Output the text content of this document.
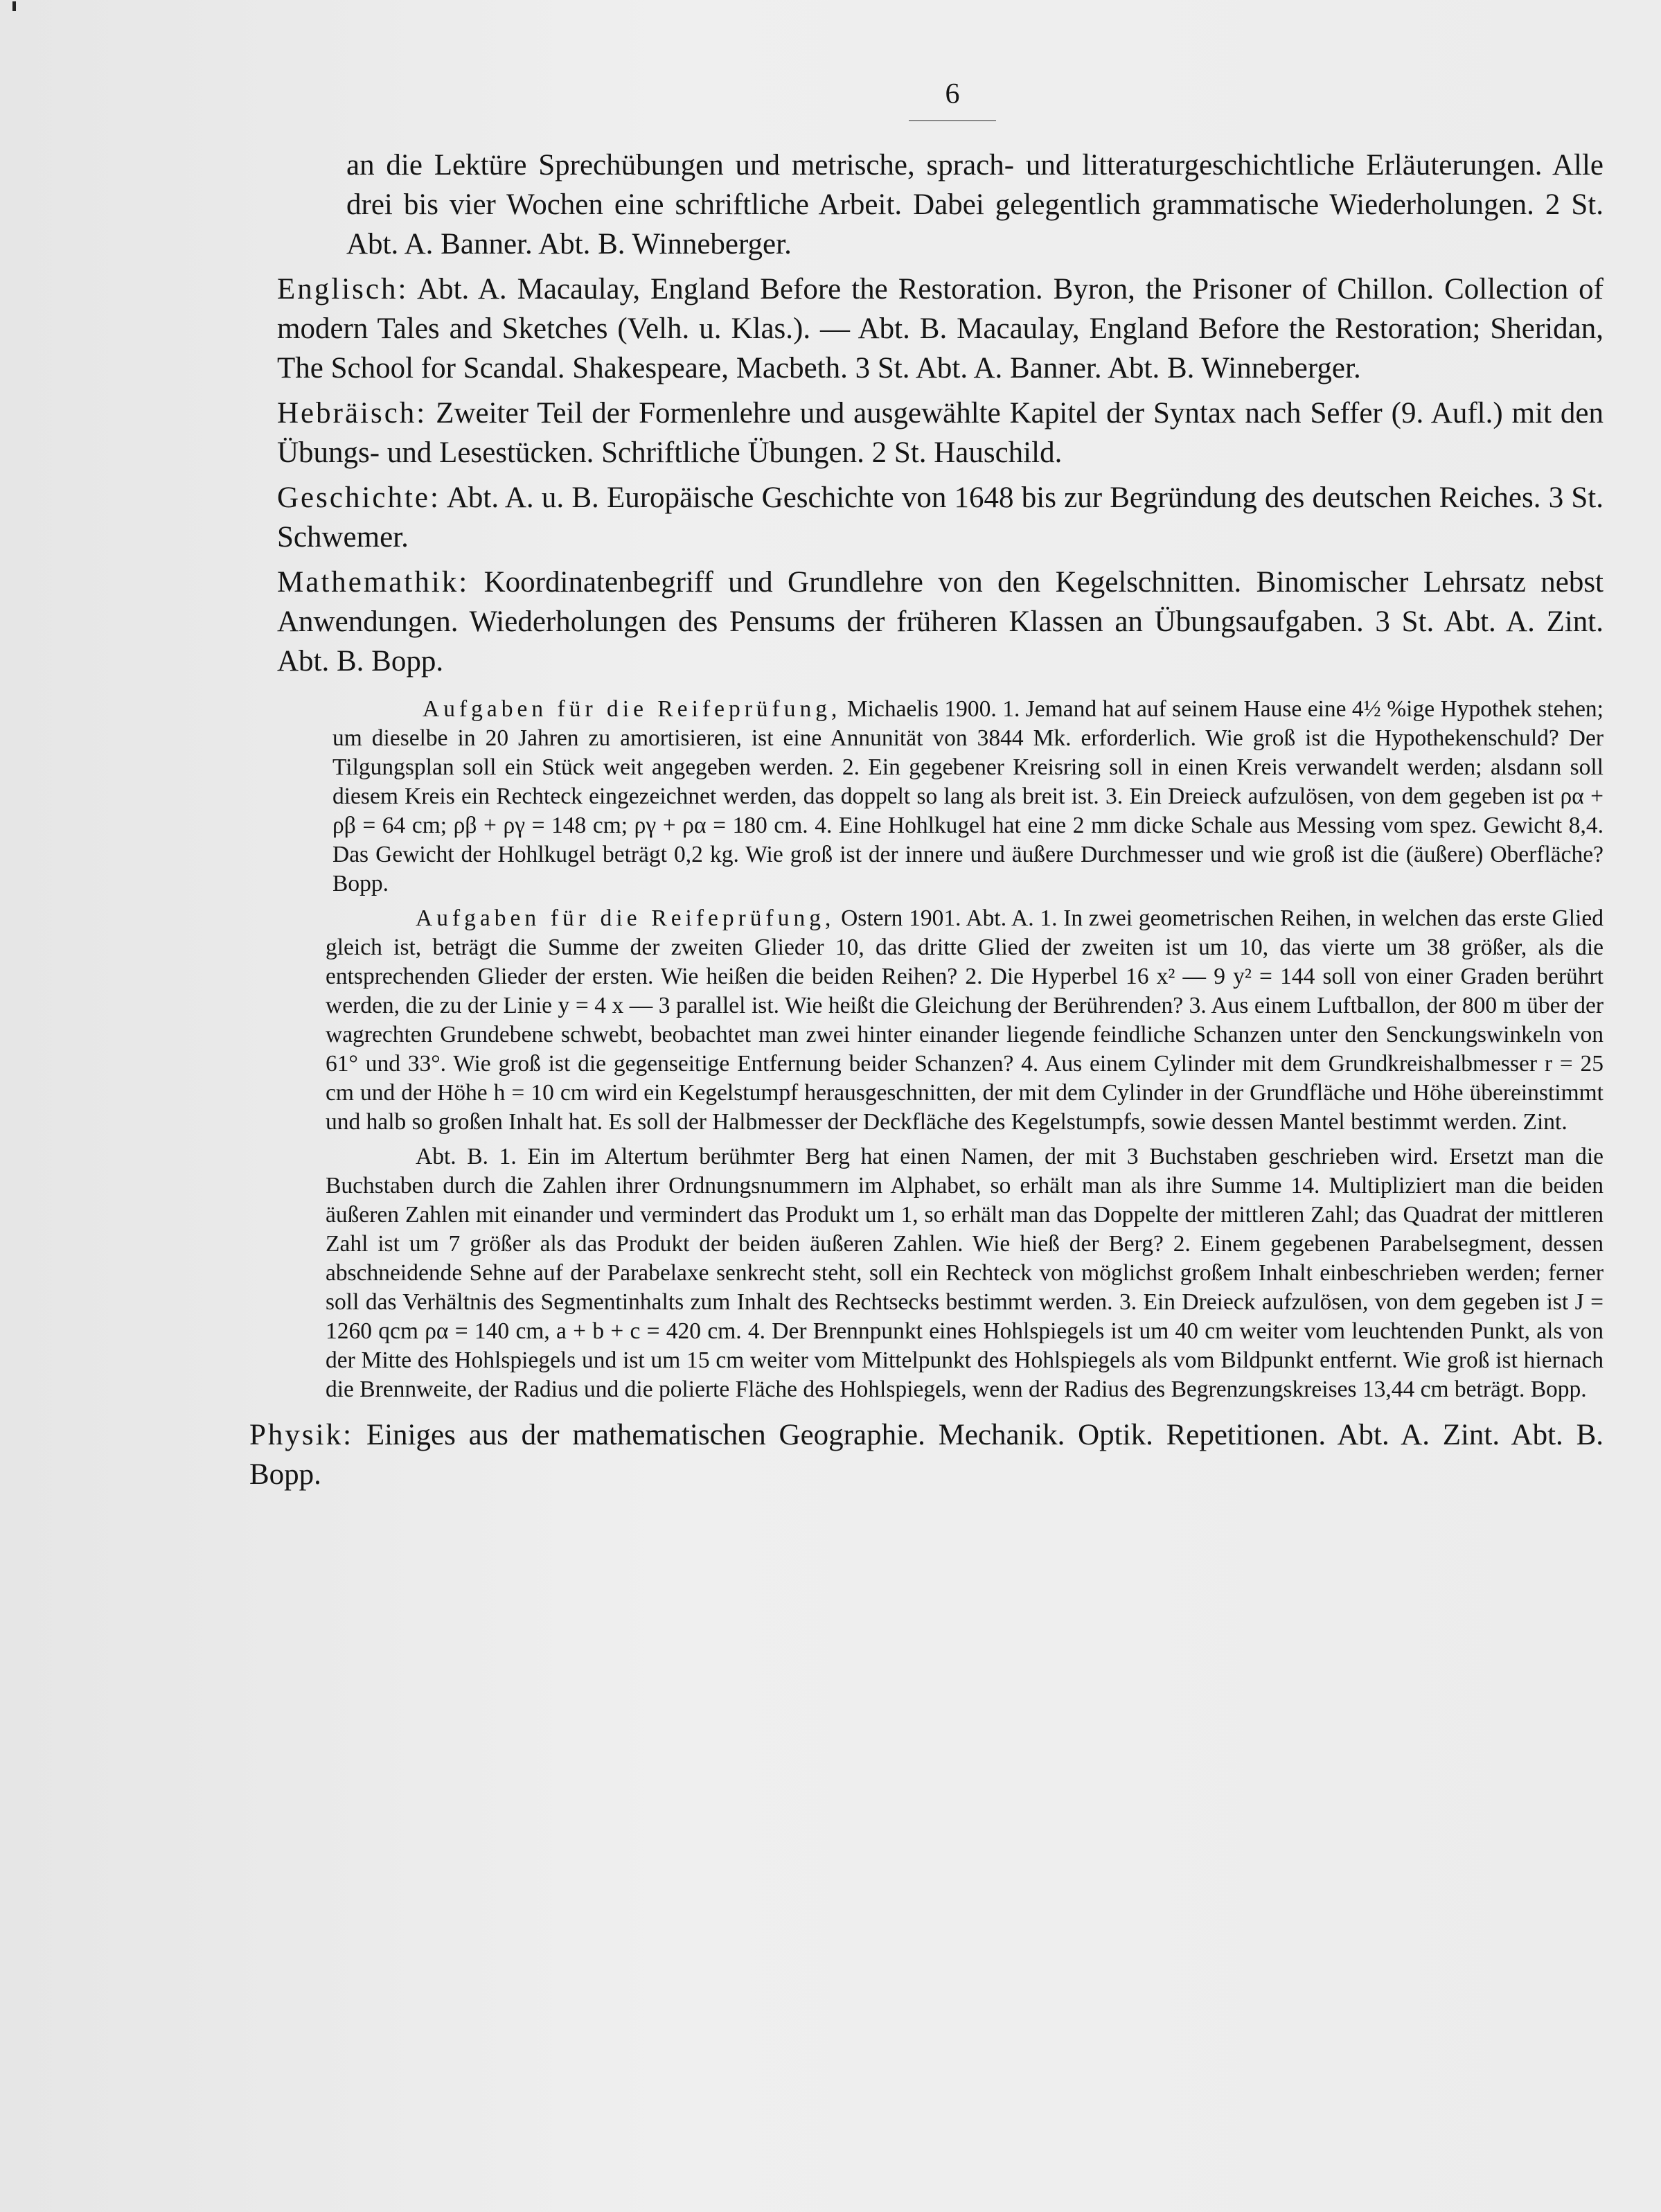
6

an die Lektüre Sprechübungen und metrische, sprach- und litteraturgeschichtliche Erläuterungen. Alle drei bis vier Wochen eine schriftliche Arbeit. Dabei gelegentlich grammatische Wiederholungen. 2 St. Abt. A. Banner. Abt. B. Winneberger.

Englisch: Abt. A. Macaulay, England Before the Restoration. Byron, the Prisoner of Chillon. Collection of modern Tales and Sketches (Velh. u. Klas.). — Abt. B. Macaulay, England Before the Restoration; Sheridan, The School for Scandal. Shakespeare, Macbeth. 3 St. Abt. A. Banner. Abt. B. Winneberger.

Hebräisch: Zweiter Teil der Formenlehre und ausgewählte Kapitel der Syntax nach Seffer (9. Aufl.) mit den Übungs- und Lesestücken. Schriftliche Übungen. 2 St. Hauschild.

Geschichte: Abt. A. u. B. Europäische Geschichte von 1648 bis zur Begründung des deutschen Reiches. 3 St. Schwemer.

Mathemathik: Koordinatenbegriff und Grundlehre von den Kegelschnitten. Binomischer Lehrsatz nebst Anwendungen. Wiederholungen des Pensums der früheren Klassen an Übungsaufgaben. 3 St. Abt. A. Zint. Abt. B. Bopp.

Aufgaben für die Reifeprüfung, Michaelis 1900. 1. Jemand hat auf seinem Hause eine 4½ %ige Hypothek stehen; um dieselbe in 20 Jahren zu amortisieren, ist eine Annunität von 3844 Mk. erforderlich. Wie groß ist die Hypothekenschuld? Der Tilgungsplan soll ein Stück weit angegeben werden. 2. Ein gegebener Kreisring soll in einen Kreis verwandelt werden; alsdann soll diesem Kreis ein Rechteck eingezeichnet werden, das doppelt so lang als breit ist. 3. Ein Dreieck aufzulösen, von dem gegeben ist ρα + ρβ = 64 cm; ρβ + ργ = 148 cm; ργ + ρα = 180 cm. 4. Eine Hohlkugel hat eine 2 mm dicke Schale aus Messing vom spez. Gewicht 8,4. Das Gewicht der Hohlkugel beträgt 0,2 kg. Wie groß ist der innere und äußere Durchmesser und wie groß ist die (äußere) Oberfläche? Bopp.

Aufgaben für die Reifeprüfung, Ostern 1901. Abt. A. 1. In zwei geometrischen Reihen, in welchen das erste Glied gleich ist, beträgt die Summe der zweiten Glieder 10, das dritte Glied der zweiten ist um 10, das vierte um 38 größer, als die entsprechenden Glieder der ersten. Wie heißen die beiden Reihen? 2. Die Hyperbel 16 x² — 9 y² = 144 soll von einer Graden berührt werden, die zu der Linie y = 4 x — 3 parallel ist. Wie heißt die Gleichung der Berührenden? 3. Aus einem Luftballon, der 800 m über der wagrechten Grundebene schwebt, beobachtet man zwei hinter einander liegende feindliche Schanzen unter den Senckungswinkeln von 61° und 33°. Wie groß ist die gegenseitige Entfernung beider Schanzen? 4. Aus einem Cylinder mit dem Grundkreishalbmesser r = 25 cm und der Höhe h = 10 cm wird ein Kegelstumpf herausgeschnitten, der mit dem Cylinder in der Grundfläche und Höhe übereinstimmt und halb so großen Inhalt hat. Es soll der Halbmesser der Deckfläche des Kegelstumpfs, sowie dessen Mantel bestimmt werden. Zint.

Abt. B. 1. Ein im Altertum berühmter Berg hat einen Namen, der mit 3 Buchstaben geschrieben wird. Ersetzt man die Buchstaben durch die Zahlen ihrer Ordnungsnummern im Alphabet, so erhält man als ihre Summe 14. Multipliziert man die beiden äußeren Zahlen mit einander und vermindert das Produkt um 1, so erhält man das Doppelte der mittleren Zahl; das Quadrat der mittleren Zahl ist um 7 größer als das Produkt der beiden äußeren Zahlen. Wie hieß der Berg? 2. Einem gegebenen Parabelsegment, dessen abschneidende Sehne auf der Parabelaxe senkrecht steht, soll ein Rechteck von möglichst großem Inhalt einbeschrieben werden; ferner soll das Verhältnis des Segmentinhalts zum Inhalt des Rechtsecks bestimmt werden. 3. Ein Dreieck aufzulösen, von dem gegeben ist J = 1260 qcm ρα = 140 cm, a + b + c = 420 cm. 4. Der Brennpunkt eines Hohlspiegels ist um 40 cm weiter vom leuchtenden Punkt, als von der Mitte des Hohlspiegels und ist um 15 cm weiter vom Mittelpunkt des Hohlspiegels als vom Bildpunkt entfernt. Wie groß ist hiernach die Brennweite, der Radius und die polierte Fläche des Hohlspiegels, wenn der Radius des Begrenzungskreises 13,44 cm beträgt. Bopp.

Physik: Einiges aus der mathematischen Geographie. Mechanik. Optik. Repetitionen. Abt. A. Zint. Abt. B. Bopp.
